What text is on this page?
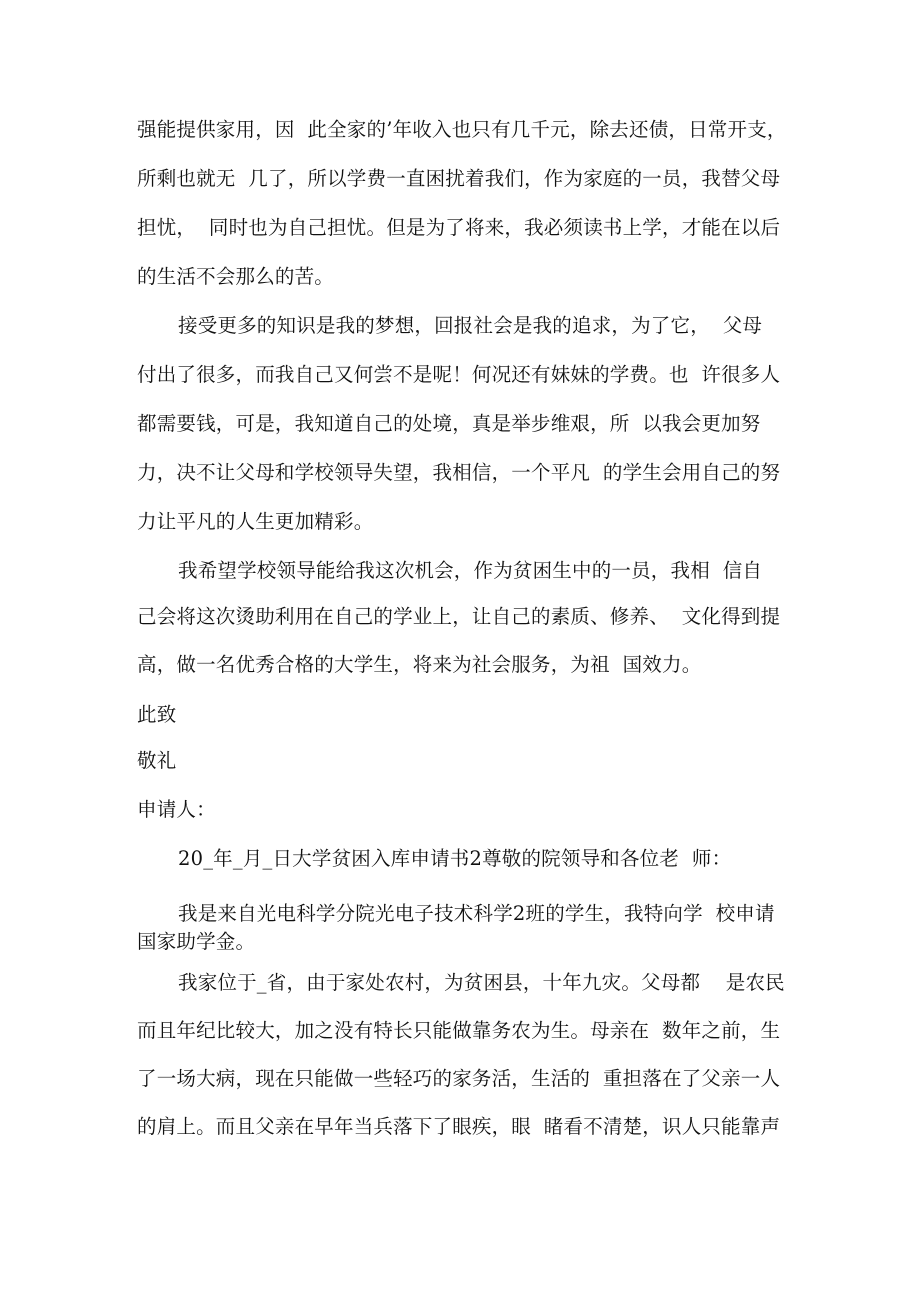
强能提供家用，因  此全家的’年收入也只有几千元，除去还债，日常开支，
所剩也就无  几了，所以学费一直困扰着我们，作为家庭的一员，我替父母
担忧，  同时也为自己担忧。但是为了将来，我必须读书上学，才能在以后
的生活不会那么的苦。
接受更多的知识是我的梦想，回报社会是我的追求，为了它，  父母
付出了很多，而我自己又何尝不是呢！何况还有妹妹的学费。也  许很多人
都需要钱，可是，我知道自己的处境，真是举步维艰，所  以我会更加努
力，决不让父母和学校领导失望，我相信，一个平凡  的学生会用自己的努
力让平凡的人生更加精彩。
我希望学校领导能给我这次机会，作为贫困生中的一员，我相  信自
己会将这次烫助利用在自己的学业上，让自己的素质、修养、  文化得到提
高，做一名优秀合格的大学生，将来为社会服务，为祖  国效力。
此致
敬礼
申请人：
20_年_月_日大学贫困入库申请书2尊敬的院领导和各位老  师：
我是来自光电科学分院光电子技术科学2班的学生，我特向学  校申请
国家助学金。
我家位于_省，由于家处农村，为贫困县，十年九灾。父母都    是农民
而且年纪比较大，加之没有特长只能做靠务农为生。母亲在  数年之前，生
了一场大病，现在只能做一些轻巧的家务活，生活的  重担落在了父亲一人
的肩上。而且父亲在早年当兵落下了眼疾，眼  睹看不清楚，识人只能靠声
